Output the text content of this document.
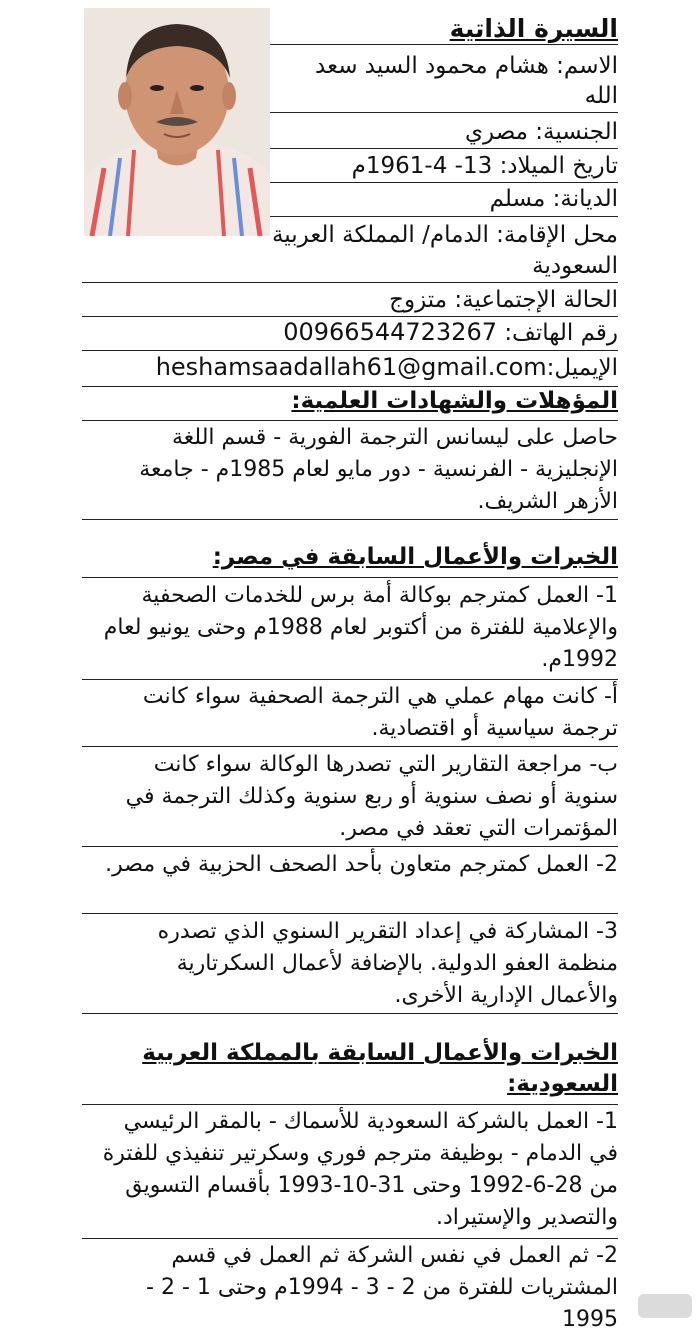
السيرة الذاتية
الاسم: هشام محمود السيد سعد
الله
الجنسية: مصري
تاريخ الميلاد: 13- 4-1961م
الديانة: مسلم
محل الإقامة: الدمام/ المملكة العربية
السعودية
الحالة الإجتماعية: متزوج
رقم الهاتف: 00966544723267
الإيميل:heshamsaadallah61@gmail.com
المؤهلات والشهادات العلمية:
حاصل على ليسانس الترجمة الفورية - قسم اللغة الإنجليزية - الفرنسية - دور مايو لعام 1985م - جامعة الأزهر الشريف.
الخبرات والأعمال السابقة في مصر:
1- العمل كمترجم بوكالة أمة برس للخدمات الصحفية والإعلامية للفترة من أكتوبر لعام 1988م وحتى يونيو لعام 1992م.
أ- كانت مهام عملي هي الترجمة الصحفية سواء كانت ترجمة سياسية أو اقتصادية.
ب- مراجعة التقارير التي تصدرها الوكالة سواء كانت سنوية أو نصف سنوية أو ربع سنوية وكذلك الترجمة في المؤتمرات التي تعقد في مصر.
2- العمل كمترجم متعاون بأحد الصحف الحزبية في مصر.
3- المشاركة في إعداد التقرير السنوي الذي تصدره منظمة العفو الدولية. بالإضافة لأعمال السكرتارية والأعمال الإدارية الأخرى.
الخبرات والأعمال السابقة بالمملكة العربية
السعودية:
1- العمل بالشركة السعودية للأسماك - بالمقر الرئيسي في الدمام - بوظيفة مترجم فوري وسكرتير تنفيذي للفترة من 28-6-1992 وحتى 31-10-1993 بأقسام التسويق والتصدير والإستيراد.
2- ثم العمل في نفس الشركة ثم العمل في قسم المشتريات للفترة من 2 - 3 - 1994م وحتى 1 - 2 - 1995
